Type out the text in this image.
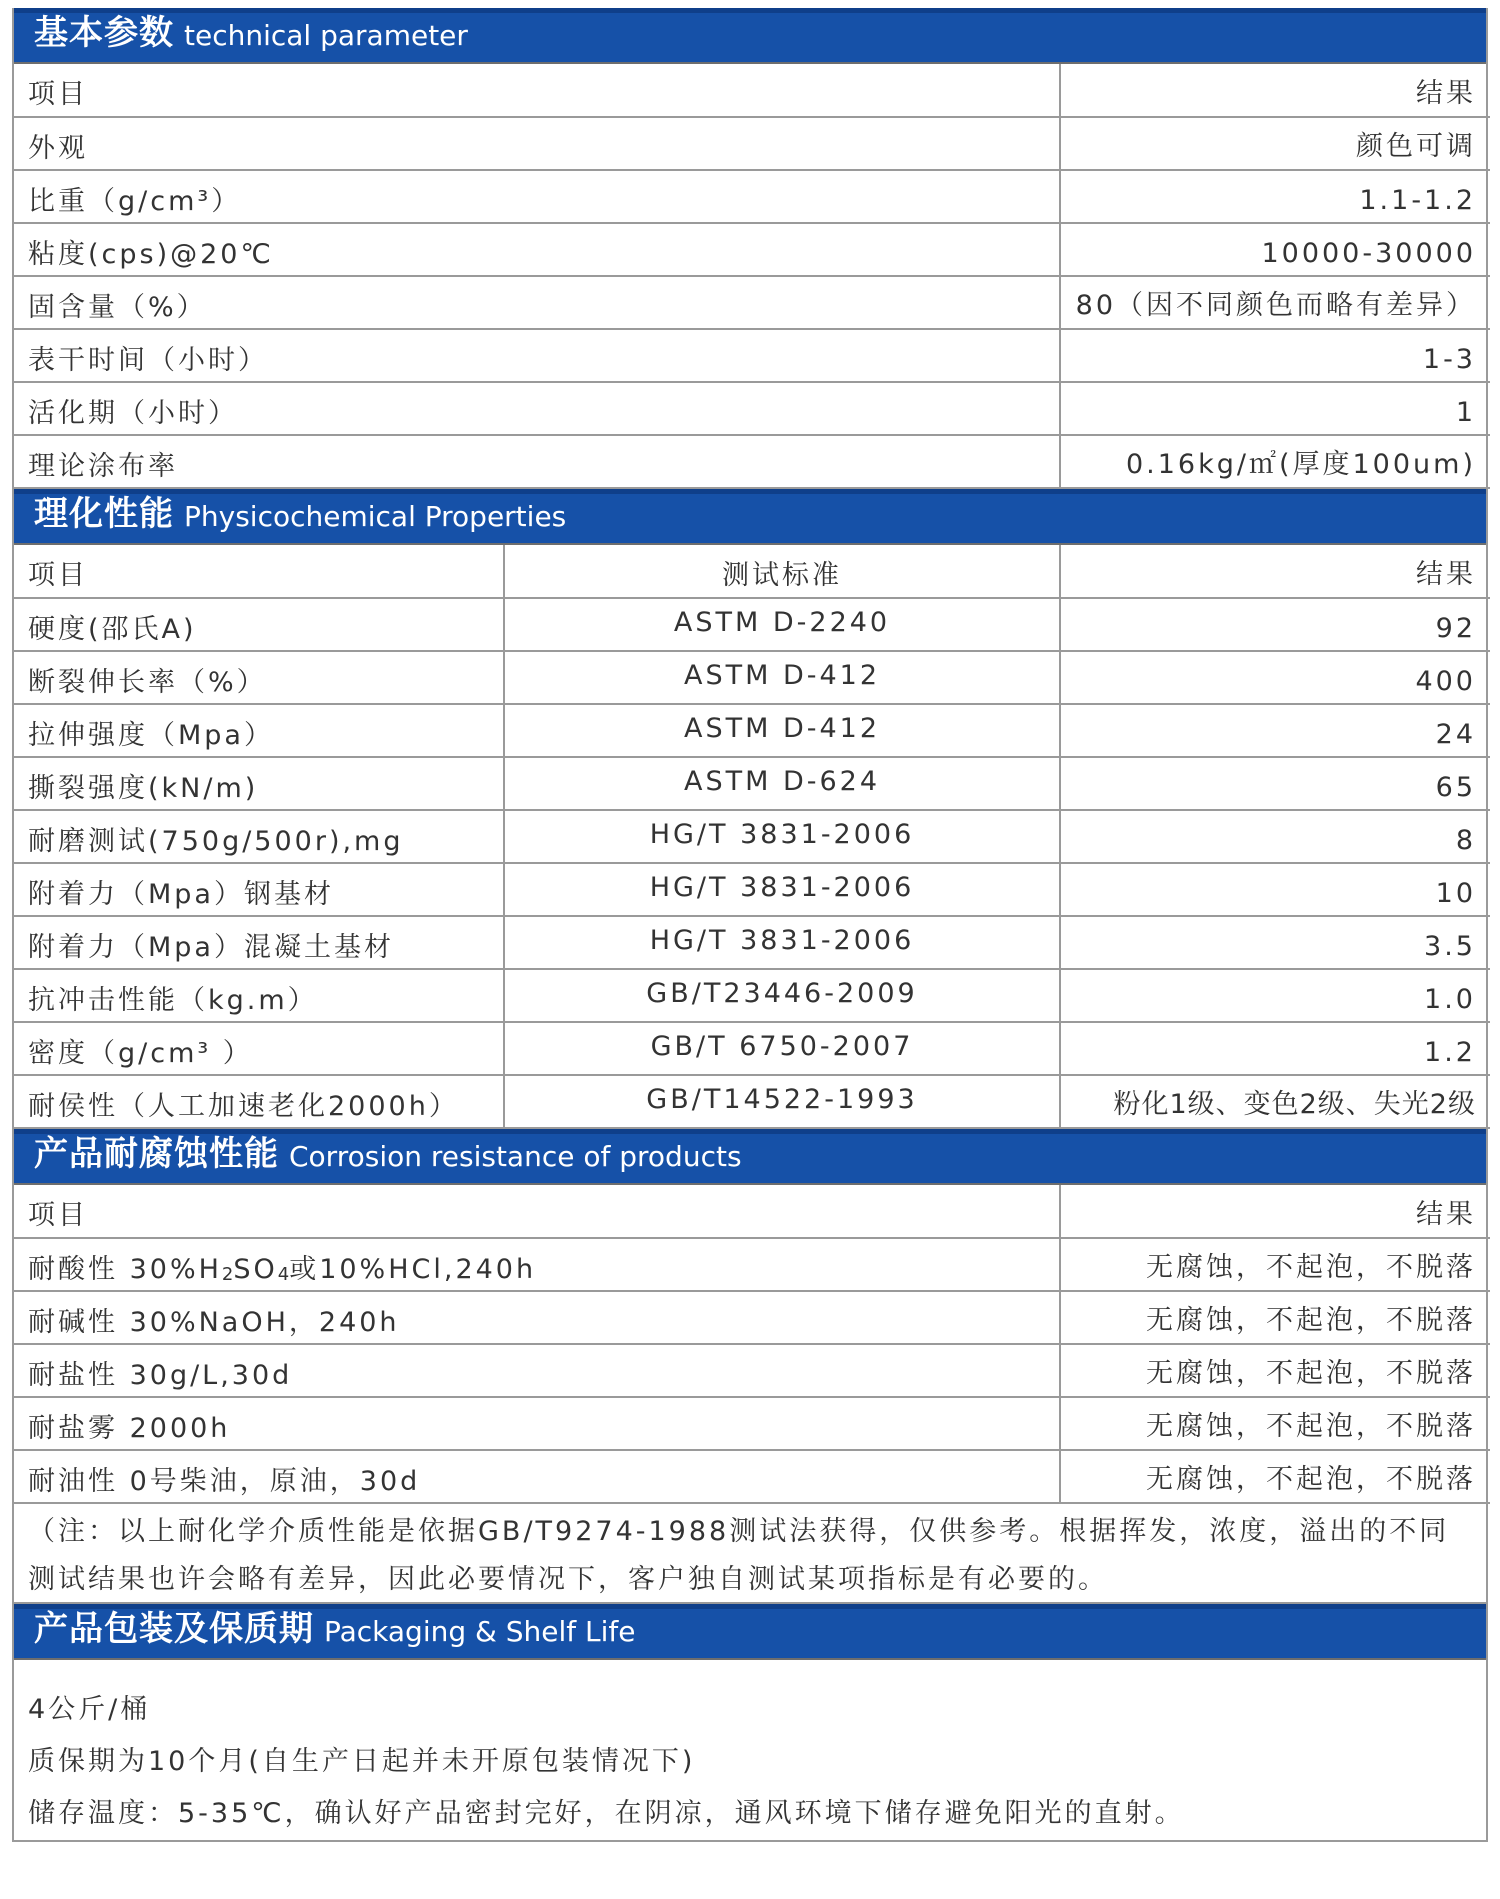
基本参数 technical parameter
项目	结果
外观	颜色可调
比重（g/cm³）	1.1-1.2
粘度(cps)@20℃	10000-30000
固含量（%）	80（因不同颜色而略有差异）
表干时间（小时）	1-3
活化期（小时）	1
理论涂布率	0.16kg/㎡(厚度100um)
理化性能 Physicochemical Properties
项目	测试标准	结果
硬度(邵氏A)	ASTM D-2240	92
断裂伸长率（%）	ASTM D-412	400
拉伸强度（Mpa）	ASTM D-412	24
撕裂强度(kN/m)	ASTM D-624	65
耐磨测试(750g/500r),mg	HG/T 3831-2006	8
附着力（Mpa）钢基材	HG/T 3831-2006	10
附着力（Mpa）混凝土基材	HG/T 3831-2006	3.5
抗冲击性能（kg.m）	GB/T23446-2009	1.0
密度（g/cm³ ）	GB/T 6750-2007	1.2
耐侯性（人工加速老化2000h）	GB/T14522-1993	粉化1级、变色2级、失光2级
产品耐腐蚀性能 Corrosion resistance of products
项目	结果
耐酸性 $30\%H_2SO_4$或10%HCl,240h	无腐蚀，不起泡，不脱落
耐碱性 30%NaOH，240h	无腐蚀，不起泡，不脱落
耐盐性 30g/L,30d	无腐蚀，不起泡，不脱落
耐盐雾 2000h	无腐蚀，不起泡，不脱落
耐油性 0号柴油，原油，30d	无腐蚀，不起泡，不脱落
（注：以上耐化学介质性能是依据GB/T9274-1988测试法获得，仅供参考。根据挥发，浓度，溢出的不同
测试结果也许会略有差异，因此必要情况下，客户独自测试某项指标是有必要的。
产品包装及保质期 Packaging & Shelf Life
4公斤/桶
质保期为10个月(自生产日起并未开原包装情况下)
储存温度：5-35℃，确认好产品密封完好，在阴凉，通风环境下储存避免阳光的直射。
